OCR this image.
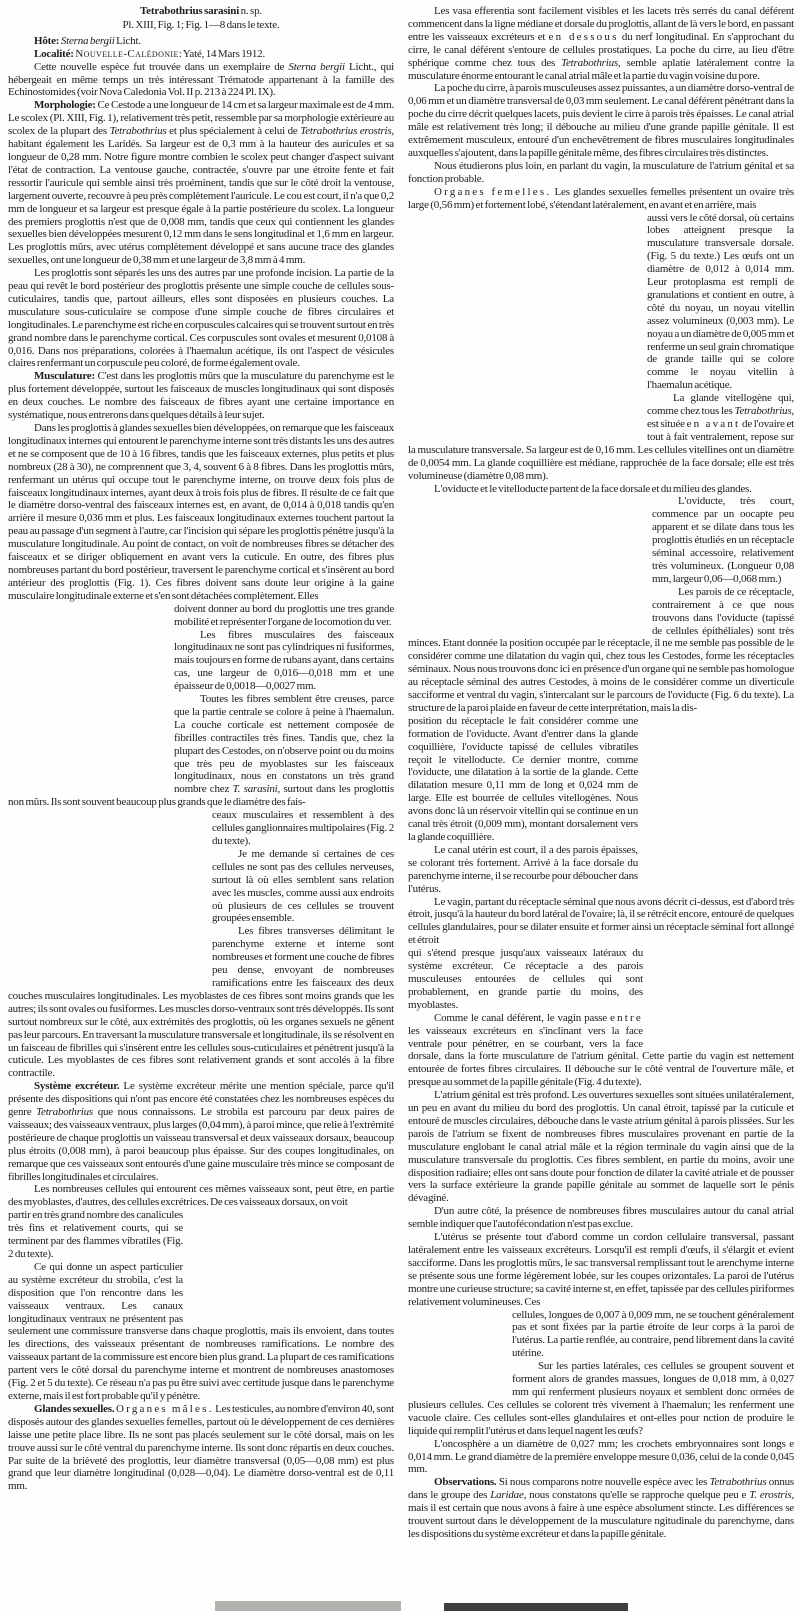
Tetrabothrius sarasini n. sp.

Pl. XIII, Fig. 1; Fig. 1—8 dans le texte.

Hôte: Sterna bergii Licht.

Localité: Nouvelle-Calédonie: Yaté, 14 Mars 1912.

Cette nouvelle espèce fut trouvée dans un exemplaire de Sterna bergii Licht., qui hébergeait en même temps un très intéressant Trématode appartenant à la famille des Echinostomides (voir Nova Caledonia Vol. II p. 213 à 224 Pl. IX).

Morphologie: Ce Cestode a une longueur de 14 cm et sa largeur maximale est de 4 mm. Le scolex (Pl. XIII, Fig. 1), relativement très petit, ressemble par sa morphologie extérieure au scolex de la plupart des Tetrabothrius et plus spécialement à celui de Tetrabothrius erostris, habitant également les Laridés. Sa largeur est de 0,3 mm à la hauteur des auricules et sa longueur de 0,28 mm. Notre figure montre combien le scolex peut changer d'aspect suivant l'état de contraction. La ventouse gauche, contractée, s'ouvre par une étroite fente et fait ressortir l'auricule qui semble ainsi très proéminent, tandis que sur le côté droit la ventouse, largement ouverte, recouvre à peu près complètement l'auricule. Le cou est court, il n'a que 0,2 mm de longueur et sa largeur est presque égale à la partie postérieure du scolex. La longueur des premiers proglottis n'est que de 0,008 mm, tandis que ceux qui contiennent les glandes sexuelles bien développées mesurent 0,12 mm dans le sens longitudinal et 1,6 mm en largeur. Les proglottis mûrs, avec utérus complètement développé et sans aucune trace des glandes sexuelles, ont une longueur de 0,38 mm et une largeur de 3,8 mm à 4 mm.

Les proglottis sont séparés les uns des autres par une profonde incision. La partie de la peau qui revêt le bord postérieur des proglottis présente une simple couche de cellules sous-cuticulaires, tandis que, partout ailleurs, elles sont disposées en plusieurs couches. La musculature sous-cuticulaire se compose d'une simple couche de fibres circulaires et longitudinales. Le parenchyme est riche en corpuscules calcaires qui se trouvent surtout en très grand nombre dans le parenchyme cortical. Ces corpuscules sont ovales et mesurent 0,0108 à 0,016. Dans nos préparations, colorées à l'haemalun acétique, ils ont l'aspect de vésicules claires renfermant un corpuscule peu coloré, de forme également ovale.

Musculature: C'est dans les proglottis mûrs que la musculature du parenchyme est le plus fortement développée, surtout les faisceaux de muscles longitudinaux qui sont disposés en deux couches. Le nombre des faisceaux de fibres ayant une certaine importance en systématique, nous entrerons dans quelques détails à leur sujet.

Dans les proglottis à glandes sexuelles bien développées, on remarque que les faisceaux longitudinaux internes qui entourent le parenchyme interne sont très distants les uns des autres et ne se composent que de 10 à 16 fibres, tandis que les faisceaux externes, plus petits et plus nombreux (28 à 30), ne comprennent que 3, 4, souvent 6 à 8 fibres. Dans les proglottis mûrs, renfermant un utérus qui occupe tout le parenchyme interne, on trouve deux fois plus de faisceaux longitudinaux internes, ayant deux à trois fois plus de fibres. Il résulte de ce fait que le diamètre dorso-ventral des faisceaux internes est, en avant, de 0,014 à 0,018 tandis qu'en arrière il mesure 0,036 mm et plus. Les faisceaux longitudinaux externes touchent partout la peau au passage d'un segment à l'autre, car l'incision qui sépare les proglottis pénètre jusqu'à la musculature longitudinale. Au point de contact, on voit de nombreuses fibres se détacher des faisceaux et se diriger obliquement en avant vers la cuticule. En outre, des fibres plus nombreuses partant du bord postérieur, traversent le parenchyme cortical et s'insèrent au bord antérieur des proglottis (Fig. 1). Ces fibres doivent sans doute leur origine à la gaine musculaire longitudinale externe et s'en sont détachées complètement. Elles

doivent donner au bord du proglottis une tres grande mobilité et représenter l'organe de locomotion du ver.

Les fibres musculaires des faisceaux longitudinaux ne sont pas cylindriques ni fusiformes, mais toujours en forme de rubans ayant, dans certains cas, une largeur de 0,016—0,018 mm et une épaisseur de 0,0018—0,0027 mm.

Toutes les fibres semblent être creuses, parce que la partie centrale se colore à peine à l'haemalun. La couche corticale est nettement composée de fibrilles contractiles très fines. Tandis que, chez la plupart des Cestodes, on n'observe point ou du moins que très peu de myoblastes sur les faisceaux longitudinaux, nous en constatons un très grand nombre chez T. sarasini, surtout dans les proglottis non mûrs. Ils sont souvent beaucoup plus grands que le diamètre des fais-

ceaux musculaires et ressemblent à des cellules ganglionnaires multipolaires (Fig. 2 du texte).

Je me demande si certaines de ces cellules ne sont pas des cellules nerveuses, surtout là où elles semblent sans relation avec les muscles, comme aussi aux endroits où plusieurs de ces cellules se trouvent groupées ensemble.

Les fibres transverses délimitant le parenchyme externe et interne sont nombreuses et forment une couche de fibres peu dense, envoyant de nombreuses ramifications entre les faisceaux des deux couches musculaires longitudinales. Les myoblastes de ces fibres sont moins grands que les autres; ils sont ovales ou fusiformes. Les muscles dorso-ventraux sont très développés. Ils sont surtout nombreux sur le côté, aux extrémités des proglottis, où les organes sexuels ne gênent pas leur parcours. En traversant la musculature transversale et longitudinale, ils se résolvent en un faisceau de fibrilles qui s'insèrent entre les cellules sous-cuticulaires et pénètrent jusqu'à la cuticule. Les myoblastes de ces fibres sont relativement grands et sont accolés à la fibre contractile.

Système excréteur. Le système excréteur mérite une mention spéciale, parce qu'il présente des dispositions qui n'ont pas encore été constatées chez les nombreuses espèces du genre Tetrabothrius que nous connaissons. Le strobila est parcouru par deux paires de vaisseaux; des vaisseaux ventraux, plus larges (0,04 mm), à paroi mince, que relie à l'extrémité postérieure de chaque proglottis un vaisseau transversal et deux vaisseaux dorsaux, beaucoup plus étroits (0,008 mm), à paroi beaucoup plus épaisse. Sur des coupes longitudinales, on remarque que ces vaisseaux sont entourés d'une gaine musculaire très mince se composant de fibrilles longitudinales et circulaires.

Les nombreuses cellules qui entourent ces mêmes vaisseaux sont, peut être, en partie des myoblastes, d'autres, des cellules excrétrices. De ces vaisseaux dorsaux, on voit

partir en très grand nombre des canalicules très fins et relativement courts, qui se terminent par des flammes vibratiles (Fig. 2 du texte).

Ce qui donne un aspect particulier au système excréteur du strobila, c'est la disposition que l'on rencontre dans les vaisseaux ventraux. Les canaux longitudinaux ventraux ne présentent pas seulement une commissure transverse dans chaque proglottis, mais ils envoient, dans toutes les directions, des vaisseaux présentant de nombreuses ramifications. Le nombre des vaisseaux partant de la commissure est encore bien plus grand. La plupart de ces ramifications partent vers le côté dorsal du parenchyme interne et montrent de nombreuses anastomoses (Fig. 2 et 5 du texte). Ce réseau n'a pas pu être suivi avec certitude jusque dans le parenchyme externe, mais il est fort probable qu'il y pénètre.

Glandes sexuelles. Organes mâles. Les testicules, au nombre d'environ 40, sont disposés autour des glandes sexuelles femelles, partout où le développement de ces dernières laisse une petite place libre. Ils ne sont pas placés seulement sur le côté dorsal, mais on les trouve aussi sur le côté ventral du parenchyme interne. Ils sont donc répartis en deux couches. Par suite de la brièveté des proglottis, leur diamètre transversal (0,05—0,08 mm) est plus grand que leur diamètre longitudinal (0,028—0,04). Le diamètre dorso-ventral est de 0,11 mm.

Les vasa efferentia sont facilement visibles et les lacets très serrés du canal déférent commencent dans la ligne médiane et dorsale du proglottis, allant de là vers le bord, en passant entre les vaisseaux excréteurs et en dessous du nerf longitudinal. En s'approchant du cirre, le canal déférent s'entoure de cellules prostatiques. La poche du cirre, au lieu d'être sphérique comme chez tous des Tetrabothrius, semble aplatie latéralement contre la musculature énorme entourant le canal atrial mâle et la partie du vagin voisine du pore.

La poche du cirre, à parois musculeuses assez puissantes, a un diamètre dorso-ventral de 0,06 mm et un diamètre transversal de 0,03 mm seulement. Le canal déférent pénétrant dans la poche du cirre décrit quelques lacets, puis devient le cirre à parois très épaisses. Le canal atrial mâle est relativement très long; il débouche au milieu d'une grande papille génitale. Il est extrêmement musculeux, entouré d'un enchevêtrement de fibres musculaires longitudinales auxquelles s'ajoutent, dans la papille génitale même, des fibres circulaires très distinctes.

Nous étudierons plus loin, en parlant du vagin, la musculature de l'atrium génital et sa fonction probable.

Organes femelles. Les glandes sexuelles femelles présentent un ovaire très large (0,56 mm) et fortement lobé, s'étendant latéralement, en avant et en arrière, mais

aussi vers le côté dorsal, où certains lobes atteignent presque la musculature transversale dorsale. (Fig. 5 du texte.) Les œufs ont un diamètre de 0,012 à 0,014 mm. Leur protoplasma est rempli de granulations et contient en outre, à côté du noyau, un noyau vitellin assez volumineux (0,003 mm). Le noyau a un diamètre de 0,005 mm et renferme un seul grain chromatique de grande taille qui se colore comme le noyau vitellin à l'haemalun acétique.

La glande vitellogène qui, comme chez tous les Tetrabothrius, est située en avant de l'ovaire et tout à fait ventralement, repose sur la musculature transversale. Sa largeur est de 0,16 mm. Les cellules vitellines ont un diamètre de 0,0054 mm. La glande coquillière est médiane, rapprochée de la face dorsale; elle est très volumineuse (diamètre 0,08 mm).

L'oviducte et le vitelloducte partent de la face dorsale et du milieu des glandes.

L'oviducte, très court, commence par un oocapte peu apparent et se dilate dans tous les proglottis étudiés en un réceptacle séminal accessoire, relativement très volumineux. (Longueur 0,08 mm, largeur 0,06—0,068 mm.)

Les parois de ce réceptacle, contrairement à ce que nous trouvons dans l'oviducte (tapissé de cellules épithéliales) sont très minces. Etant donnée la position occupée par le réceptacle, il ne me semble pas possible de le considérer comme une dilatation du vagin qui, chez tous les Cestodes, forme les réceptacles séminaux. Nous nous trouvons donc ici en présence d'un organe qui ne semble pas homologue au réceptacle séminal des autres Cestodes, à moins de le considérer comme un diverticule sacciforme et ventral du vagin, s'intercalant sur le parcours de l'oviducte (Fig. 6 du texte). La structure de la paroi plaide en faveur de cette interprétation, mais la dis-

position du réceptacle le fait considérer comme une formation de l'oviducte. Avant d'entrer dans la glande coquillière, l'oviducte tapissé de cellules vibratiles reçoit le vitelloducte. Ce dernier montre, comme l'oviducte, une dilatation à la sortie de la glande. Cette dilatation mesure 0,11 mm de long et 0,024 mm de large. Elle est bourrée de cellules vitellogènes. Nous avons donc là un réservoir vitellin qui se continue en un canal très étroit (0,009 mm), montant dorsalement vers la glande coquillière.

Le canal utérin est court, il a des parois épaisses, se colorant très fortement. Arrivé à la face dorsale du parenchyme interne, il se recourbe pour déboucher dans l'utérus.

Le vagin, partant du réceptacle séminal que nous avons décrit ci-dessus, est d'abord très étroit, jusqu'à la hauteur du bord latéral de l'ovaire; là, il se rétrécit encore, entouré de quelques cellules glandulaires, pour se dilater ensuite et former ainsi un réceptacle séminal fort allongé et étroit

qui s'étend presque jusqu'aux vaisseaux latéraux du système excréteur. Ce réceptacle a des parois musculeuses entourées de cellules qui sont probablement, en grande partie du moins, des myoblastes.

Comme le canal déférent, le vagin passe entre les vaisseaux excréteurs en s'inclinant vers la face ventrale pour pénétrer, en se courbant, vers la face dorsale, dans la forte musculature de l'atrium génital. Cette partie du vagin est nettement entourée de fortes fibres circulaires. Il débouche sur le côté ventral de l'ouverture mâle, et presque au sommet de la papille génitale (Fig. 4 du texte).

L'atrium génital est très profond. Les ouvertures sexuelles sont situées unilatéralement, un peu en avant du milieu du bord des proglottis. Un canal étroit, tapissé par la cuticule et entouré de muscles circulaires, débouche dans le vaste atrium génital à parois plissées. Sur les parois de l'atrium se fixent de nombreuses fibres musculaires provenant en partie de la musculature englobant le canal atrial mâle et la région terminale du vagin ainsi que de la musculature transversale du proglottis. Ces fibres semblent, en partie du moins, avoir une disposition radiaire; elles ont sans doute pour fonction de dilater la cavité atriale et de pousser vers la surface extérieure la grande papille génitale au sommet de laquelle sort le pénis dévaginé.

D'un autre côté, la présence de nombreuses fibres musculaires autour du canal atrial semble indiquer que l'autofécondation n'est pas exclue.

L'utérus se présente tout d'abord comme un cordon cellulaire transversal, passant latéralement entre les vaisseaux excréteurs. Lorsqu'il est rempli d'œufs, il s'élargit et evient sacciforme. Dans les proglottis mûrs, le sac transversal remplissant tout le arenchyme interne se présente sous une forme légèrement lobée, sur les coupes orizontales. La paroi de l'utérus montre une curieuse structure; sa cavité interne st, en effet, tapissée par des cellules piriformes relativement volumineuses. Ces

cellules, longues de 0,007 à 0,009 mm, ne se touchent généralement pas et sont fixées par la partie étroite de leur corps à la paroi de l'utérus. La partie renflée, au contraire, pend librement dans la cavité utérine.

Sur les parties latérales, ces cellules se groupent souvent et forment alors de grandes massues, longues de 0,018 mm, à 0,027 mm qui renferment plusieurs noyaux et semblent donc ormées de plusieurs cellules. Ces cellules se colorent très vivement à l'haemalun; les renferment une vacuole claire. Ces cellules sont-elles glandulaires et ont-elles pour nction de produire le liquide qui remplit l'utérus et dans lequel nagent les œufs?

L'oncosphère a un diamètre de 0,027 mm; les crochets embryonnaires sont longs e 0,014 mm. Le grand diamètre de la première enveloppe mesure 0,036, celui de la conde 0,045 mm.

Observations. Si nous comparons notre nouvelle espèce avec les Tetrabothrius onnus dans le groupe des Laridae, nous constatons qu'elle se rapproche quelque peu e T. erostris, mais il est certain que nous avons à faire à une espèce absolument stincte. Les différences se trouvent surtout dans le développement de la musculature ngitudinale du parenchyme, dans les dispositions du système excréteur et dans la papille génitale.
